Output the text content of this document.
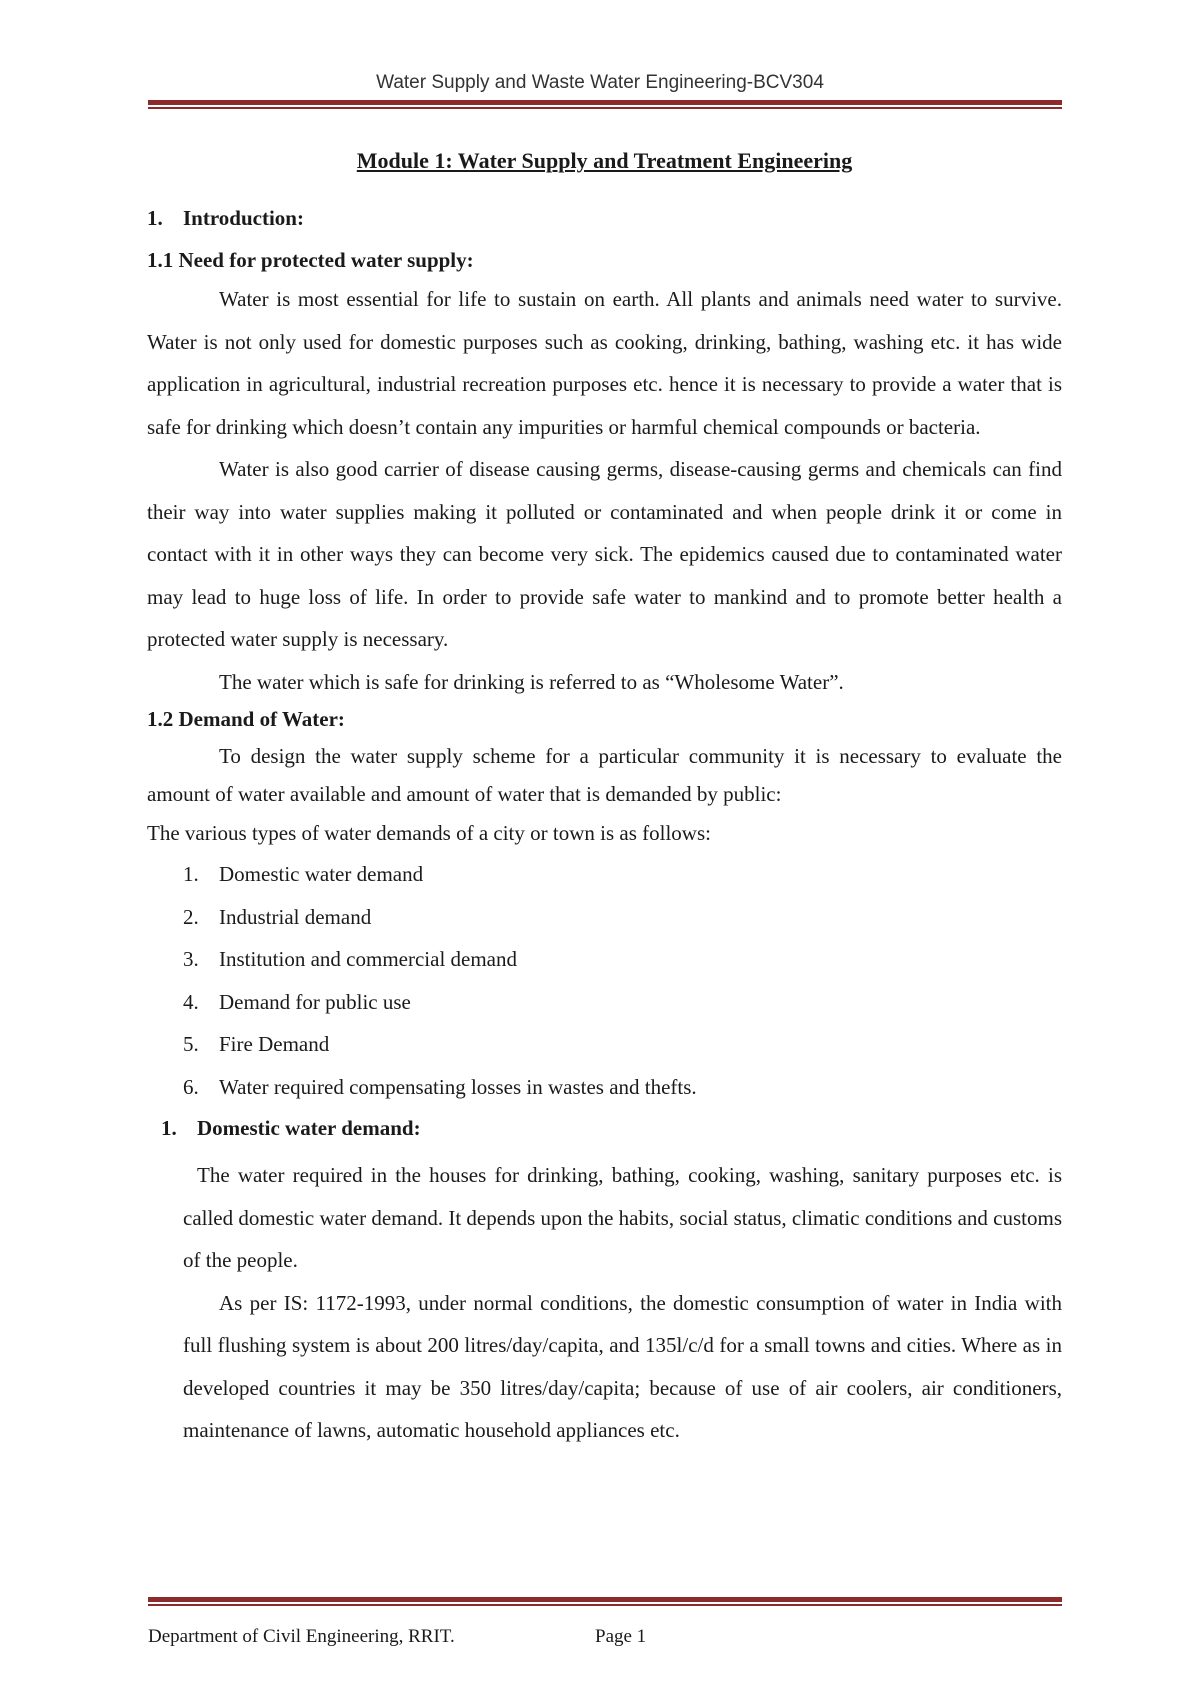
Water Supply and Waste Water Engineering-BCV304
Module 1: Water Supply and Treatment Engineering
1. Introduction:
1.1 Need for protected water supply:

Water is most essential for life to sustain on earth. All plants and animals need water to survive. Water is not only used for domestic purposes such as cooking, drinking, bathing, washing etc. it has wide application in agricultural, industrial recreation purposes etc. hence it is necessary to provide a water that is safe for drinking which doesn’t contain any impurities or harmful chemical compounds or bacteria.

Water is also good carrier of disease causing germs, disease-causing germs and chemicals can find their way into water supplies making it polluted or contaminated and when people drink it or come in contact with it in other ways they can become very sick. The epidemics caused due to contaminated water may lead to huge loss of life. In order to provide safe water to mankind and to promote better health a protected water supply is necessary.

The water which is safe for drinking is referred to as “Wholesome Water”.

1.2 Demand of Water:

To design the water supply scheme for a particular community it is necessary to evaluate the amount of water available and amount of water that is demanded by public:

The various types of water demands of a city or town is as follows:

1. Domestic water demand
2. Industrial demand
3. Institution and commercial demand
4. Demand for public use
5. Fire Demand
6. Water required compensating losses in wastes and thefts.
1. Domestic water demand:

The water required in the houses for drinking, bathing, cooking, washing, sanitary purposes etc. is called domestic water demand. It depends upon the habits, social status, climatic conditions and customs of the people.

As per IS: 1172-1993, under normal conditions, the domestic consumption of water in India with full flushing system is about 200 litres/day/capita, and 135l/c/d for a small towns and cities. Where as in developed countries it may be 350 litres/day/capita; because of use of air coolers, air conditioners, maintenance of lawns, automatic household appliances etc.

Department of Civil Engineering, RRIT.	Page 1
